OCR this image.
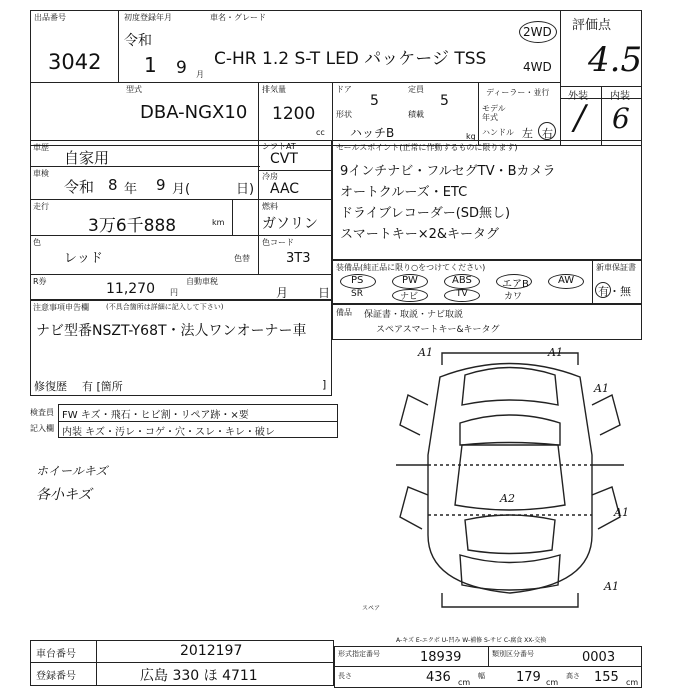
出品番号
3042
初度登録年月
令和
1 9 月
車名・グレード
C-HR 1.2 S-T LED パッケージ TSS
2WD
4WD
評価点
4.5
外装 内装
/ 6
型式
DBA-NGX10
排気量
1200
cc
ドア
5
定員
5
形状
ハッチB
積載
kg
ディーラー・並行
モデル年式
ハンドル 左 右
車歴
自家用
車検
令和 8 年 9 月(	日)
シフトAT
CVT
冷房
AAC
走行
3万6千888	km
燃料
ガソリン
色
レッド	色替
色コード
3T3
R券	11,270 円
自動車税
月 日
セールスポイント(正常に作動するものに限ります)
9インチナビ・フルセグTV・Bカメラ
オートクルーズ・ETC
ドライブレコーダー(SD無し)
スマートキー×2&キータグ
装備品(純正品に限り○をつけてください)	新車保証書
有・無
PS	PW	ABS	エアB	AW
SR	ナビ	TV	カワ
備品 保証書・取説・ナビ取説
スペアスマートキー&キータグ
注意事項申告欄 (不具合箇所は詳細に記入して下さい)
ナビ型番NSZT-Y68T・法人ワンオーナー車
修復歴 有 [箇所	]
検査員
記入欄
FW キズ・飛石・ヒビ割・リペア跡・×要
内装 キズ・汚レ・コゲ・穴・スレ・キレ・破レ
ホイールキズ
各小キズ
A1	A1
A1
A2
A1
A1
スペア
A-キズ E-エクボ U-凹み W-補修 S-サビ C-腐食 XX-交換
車台番号	2012197
登録番号	広島 330 ほ 4711
形式指定番号	18939	類別区分番号	0003
長さ	436 cm
幅 179 cm
高さ 155 cm
